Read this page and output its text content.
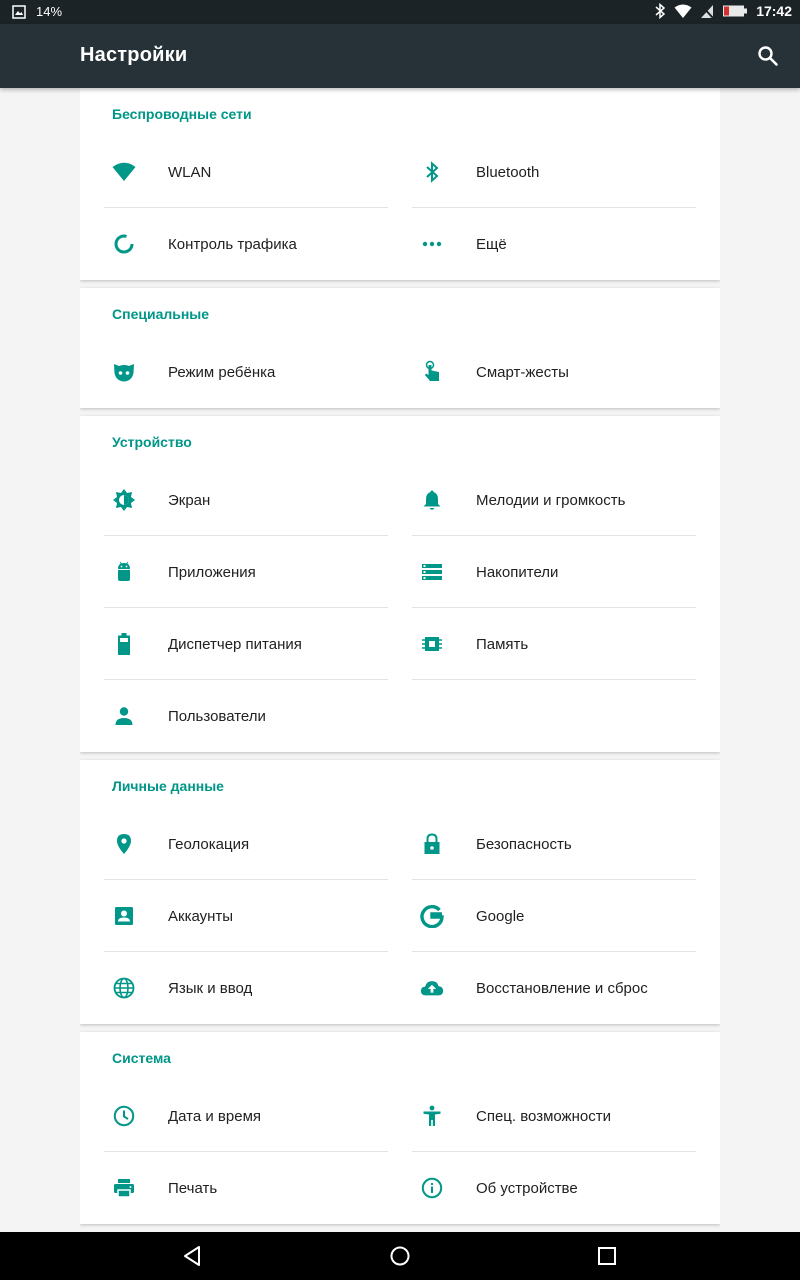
14%	17:42
Настройки
Беспроводные сети
WLAN	Bluetooth
Контроль трафика	Ещё
Специальные
Режим ребёнка	Смарт-жесты
Устройство
Экран	Мелодии и громкость
Приложения	Накопители
Диспетчер питания	Память
Пользователи
Личные данные
Геолокация	Безопасность
Аккаунты	Google
Язык и ввод	Восстановление и сброс
Система
Дата и время	Спец. возможности
Печать	Об устройстве
